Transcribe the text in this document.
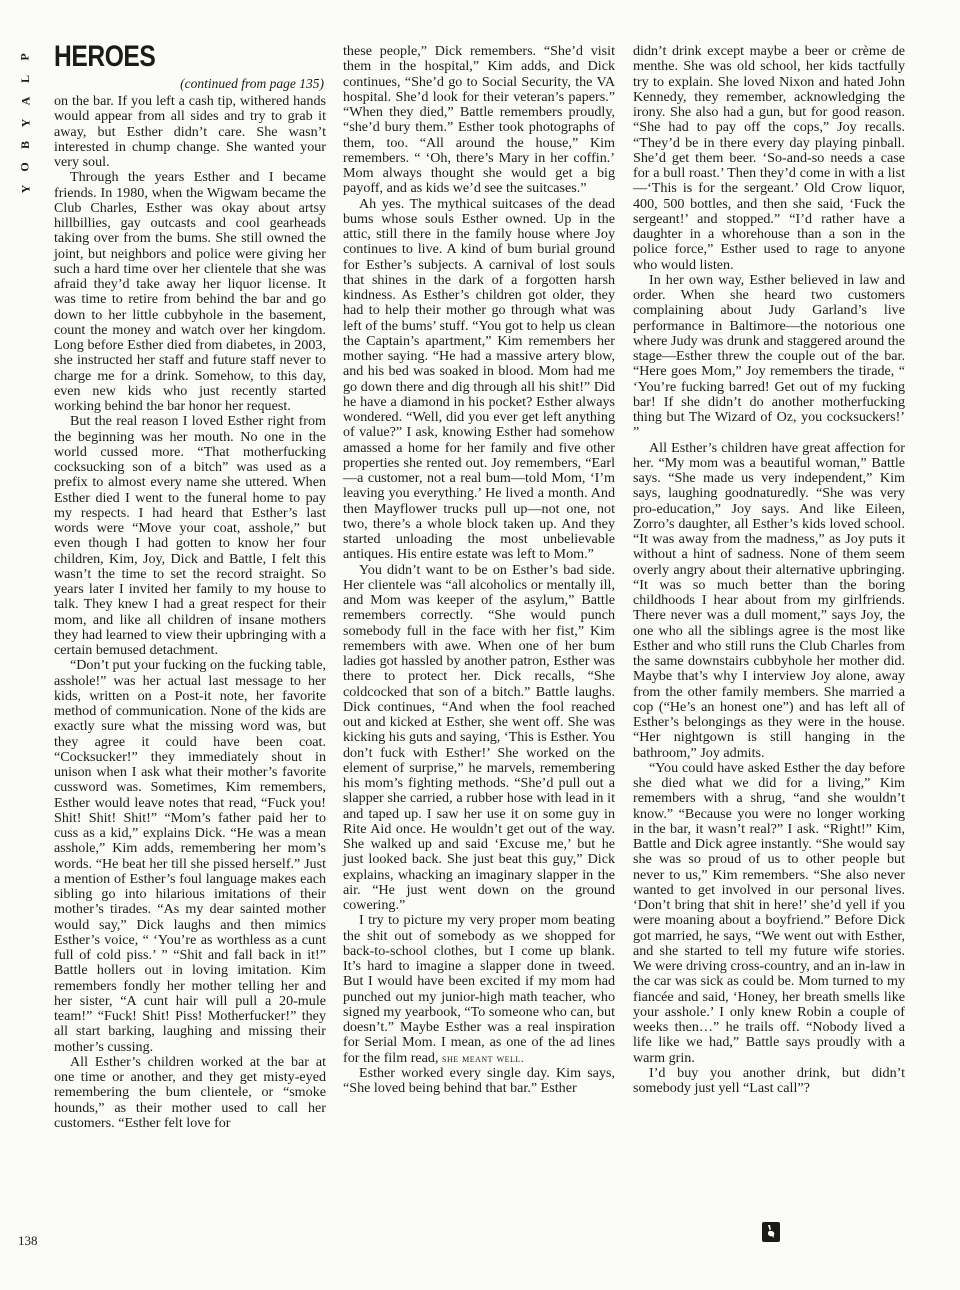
P
L
A
Y
B
O
Y
HEROES
(continued from page 135)

on the bar. If you left a cash tip, withered hands would appear from all sides and try to grab it away, but Esther didn’t care. She wasn’t interested in chump change. She wanted your very soul.

Through the years Esther and I became friends. In 1980, when the Wigwam became the Club Charles, Esther was okay about artsy hillbillies, gay outcasts and cool gearheads taking over from the bums. She still owned the joint, but neighbors and police were giving her such a hard time over her clientele that she was afraid they’d take away her liquor license. It was time to retire from behind the bar and go down to her little cubbyhole in the basement, count the money and watch over her kingdom. Long before Esther died from diabetes, in 2003, she instructed her staff and future staff never to charge me for a drink. Somehow, to this day, even new kids who just recently started working behind the bar honor her request.

But the real reason I loved Esther right from the beginning was her mouth. No one in the world cussed more. “That motherfucking cocksucking son of a bitch” was used as a prefix to almost every name she uttered. When Esther died I went to the funeral home to pay my respects. I had heard that Esther’s last words were “Move your coat, asshole,” but even though I had gotten to know her four children, Kim, Joy, Dick and Battle, I felt this wasn’t the time to set the record straight. So years later I invited her family to my house to talk. They knew I had a great respect for their mom, and like all children of insane mothers they had learned to view their upbringing with a certain bemused detachment.

“Don’t put your fucking on the fucking table, asshole!” was her actual last message to her kids, written on a Post-it note, her favorite method of communication. None of the kids are exactly sure what the missing word was, but they agree it could have been coat. “Cocksucker!” they immediately shout in unison when I ask what their mother’s favorite cussword was. Sometimes, Kim remembers, Esther would leave notes that read, “Fuck you! Shit! Shit! Shit!” “Mom’s father paid her to cuss as a kid,” explains Dick. “He was a mean asshole,” Kim adds, remembering her mom’s words. “He beat her till she pissed herself.” Just a mention of Esther’s foul language makes each sibling go into hilarious imitations of their mother’s tirades. “As my dear sainted mother would say,” Dick laughs and then mimics Esther’s voice, “ ‘You’re as worthless as a cunt full of cold piss.’ ” “Shit and fall back in it!” Battle hollers out in loving imitation. Kim remembers fondly her mother telling her and her sister, “A cunt hair will pull a 20-mule team!” “Fuck! Shit! Piss! Motherfucker!” they all start barking, laughing and missing their mother’s cussing.

All Esther’s children worked at the bar at one time or another, and they get misty-eyed remembering the bum clientele, or “smoke hounds,” as their mother used to call her customers. “Esther felt love for

these people,” Dick remembers. “She’d visit them in the hospital,” Kim adds, and Dick continues, “She’d go to Social Security, the VA hospital. She’d look for their veteran’s papers.” “When they died,” Battle remembers proudly, “she’d bury them.” Esther took photographs of them, too. “All around the house,” Kim remembers. “ ‘Oh, there’s Mary in her coffin.’ Mom always thought she would get a big payoff, and as kids we’d see the suitcases.”

Ah yes. The mythical suitcases of the dead bums whose souls Esther owned. Up in the attic, still there in the family house where Joy continues to live. A kind of bum burial ground for Esther’s subjects. A carnival of lost souls that shines in the dark of a forgotten harsh kindness. As Esther’s children got older, they had to help their mother go through what was left of the bums’ stuff. “You got to help us clean the Captain’s apartment,” Kim remembers her mother saying. “He had a massive artery blow, and his bed was soaked in blood. Mom had me go down there and dig through all his shit!” Did he have a diamond in his pocket? Esther always wondered. “Well, did you ever get left anything of value?” I ask, knowing Esther had somehow amassed a home for her family and five other properties she rented out. Joy remembers, “Earl—a customer, not a real bum—told Mom, ‘I’m leaving you everything.’ He lived a month. And then Mayflower trucks pull up—not one, not two, there’s a whole block taken up. And they started unloading the most unbelievable antiques. His entire estate was left to Mom.”

You didn’t want to be on Esther’s bad side. Her clientele was “all alcoholics or mentally ill, and Mom was keeper of the asylum,” Battle remembers correctly. “She would punch somebody full in the face with her fist,” Kim remembers with awe. When one of her bum ladies got hassled by another patron, Esther was there to protect her. Dick recalls, “She coldcocked that son of a bitch.” Battle laughs. Dick continues, “And when the fool reached out and kicked at Esther, she went off. She was kicking his guts and saying, ‘This is Esther. You don’t fuck with Esther!’ She worked on the element of surprise,” he marvels, remembering his mom’s fighting methods. “She’d pull out a slapper she carried, a rubber hose with lead in it and taped up. I saw her use it on some guy in Rite Aid once. He wouldn’t get out of the way. She walked up and said ‘Excuse me,’ but he just looked back. She just beat this guy,” Dick explains, whacking an imaginary slapper in the air. “He just went down on the ground cowering.”

I try to picture my very proper mom beating the shit out of somebody as we shopped for back-to-school clothes, but I come up blank. It’s hard to imagine a slapper done in tweed. But I would have been excited if my mom had punched out my junior-high math teacher, who signed my yearbook, “To someone who can, but doesn’t.” Maybe Esther was a real inspiration for Serial Mom. I mean, as one of the ad lines for the film read, she meant well.

Esther worked every single day. Kim says, “She loved being behind that bar.” Esther

didn’t drink except maybe a beer or crème de menthe. She was old school, her kids tactfully try to explain. She loved Nixon and hated John Kennedy, they remember, acknowledging the irony. She also had a gun, but for good reason. “She had to pay off the cops,” Joy recalls. “They’d be in there every day playing pinball. She’d get them beer. ‘So-and-so needs a case for a bull roast.’ Then they’d come in with a list—‘This is for the sergeant.’ Old Crow liquor, 400, 500 bottles, and then she said, ‘Fuck the sergeant!’ and stopped.” “I’d rather have a daughter in a whorehouse than a son in the police force,” Esther used to rage to anyone who would listen.

In her own way, Esther believed in law and order. When she heard two customers complaining about Judy Garland’s live performance in Baltimore—the notorious one where Judy was drunk and staggered around the stage—Esther threw the couple out of the bar. “Here goes Mom,” Joy remembers the tirade, “ ‘You’re fucking barred! Get out of my fucking bar! If she didn’t do another motherfucking thing but The Wizard of Oz, you cocksuckers!’ ”

All Esther’s children have great affection for her. “My mom was a beautiful woman,” Battle says. “She made us very independent,” Kim says, laughing goodnaturedly. “She was very pro-education,” Joy says. And like Eileen, Zorro’s daughter, all Esther’s kids loved school. “It was away from the madness,” as Joy puts it without a hint of sadness. None of them seem overly angry about their alternative upbringing. “It was so much better than the boring childhoods I hear about from my girlfriends. There never was a dull moment,” says Joy, the one who all the siblings agree is the most like Esther and who still runs the Club Charles from the same downstairs cubbyhole her mother did. Maybe that’s why I interview Joy alone, away from the other family members. She married a cop (“He’s an honest one”) and has left all of Esther’s belongings as they were in the house. “Her nightgown is still hanging in the bathroom,” Joy admits.

“You could have asked Esther the day before she died what we did for a living,” Kim remembers with a shrug, “and she wouldn’t know.” “Because you were no longer working in the bar, it wasn’t real?” I ask. “Right!” Kim, Battle and Dick agree instantly. “She would say she was so proud of us to other people but never to us,” Kim remembers. “She also never wanted to get involved in our personal lives. ‘Don’t bring that shit in here!’ she’d yell if you were moaning about a boyfriend.” Before Dick got married, he says, “We went out with Esther, and she started to tell my future wife stories. We were driving cross-country, and an in-law in the car was sick as could be. Mom turned to my fiancée and said, ‘Honey, her breath smells like your asshole.’ I only knew Robin a couple of weeks then…” he trails off. “Nobody lived a life like we had,” Battle says proudly with a warm grin.

I’d buy you another drink, but didn’t somebody just yell “Last call”?

138
